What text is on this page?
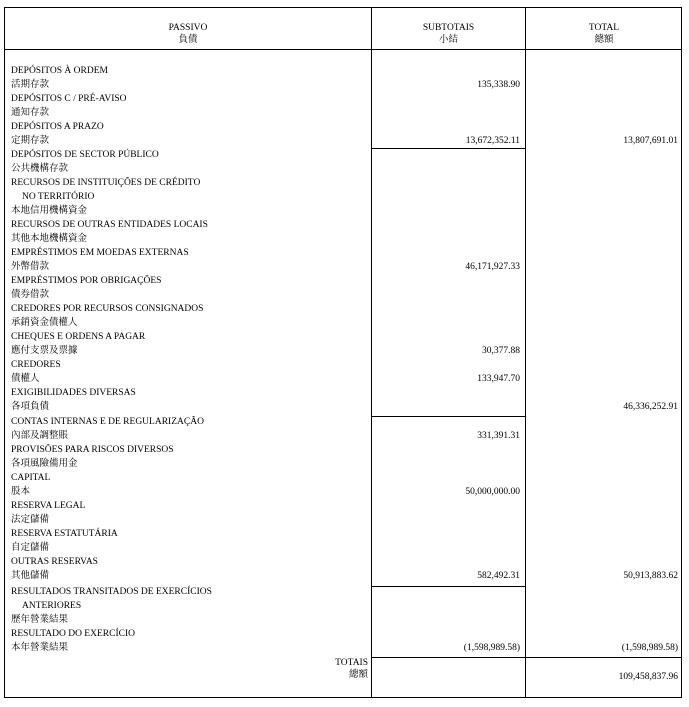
PASSIVO
負債
SUBTOTAIS
小結
TOTAL
總額
DEPÓSITOS À ORDEM
活期存款
DEPÓSITOS C / PRÉ-AVISO
通知存款
DEPÓSITOS A PRAZO
定期存款
DEPÓSITOS DE SECTOR PÚBLICO
公共機構存款
RECURSOS DE INSTITUIÇÕES DE CRÉDITO
NO TERRITÓRIO
本地信用機構資金
RECURSOS DE OUTRAS ENTIDADES LOCAIS
其他本地機構資金
EMPRÉSTIMOS EM MOEDAS EXTERNAS
外幣借款
EMPRÉSTIMOS POR OBRIGAÇÕES
債券借款
CREDORES POR RECURSOS CONSIGNADOS
承銷資金債權人
CHEQUES E ORDENS A PAGAR
應付支票及票據
CREDORES
債權人
EXIGIBILIDADES DIVERSAS
各項負債
CONTAS INTERNAS E DE REGULARIZAÇÃO
內部及調整賬
PROVISÕES PARA RISCOS DIVERSOS
各項風險備用金
CAPITAL
股本
RESERVA LEGAL
法定儲備
RESERVA ESTATUTÁRIA
自定儲備
OUTRAS RESERVAS
其他儲備
RESULTADOS TRANSITADOS DE EXERCÍCIOS
ANTERIORES
歷年營業結果
RESULTADO DO EXERCÍCIO
本年營業結果
135,338.90
13,672,352.11
46,171,927.33
30,377.88
133,947.70
331,391.31
50,000,000.00
582,492.31
(1,598,989.58)
13,807,691.01
46,336,252.91
50,913,883.62
(1,598,989.58)
TOTAIS
總額	109,458,837.96
